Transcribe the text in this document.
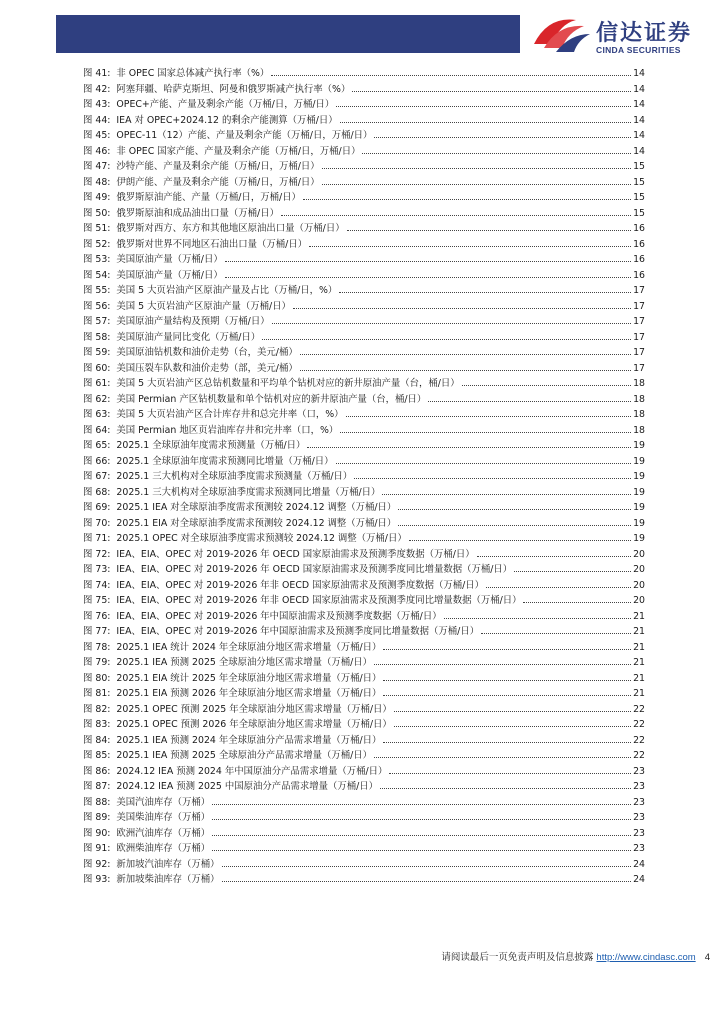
信达证券
CINDA SECURITIES
图 41:
非 OPEC 国家总体减产执行率（%）	14
图 42:
阿塞拜疆、哈萨克斯坦、阿曼和俄罗斯减产执行率（%）	14
图 43:
OPEC+产能、产量及剩余产能（万桶/日，万桶/日）	14
图 44:
IEA 对 OPEC+2024.12 的剩余产能测算（万桶/日）	14
图 45:
OPEC-11（12）产能、产量及剩余产能（万桶/日，万桶/日）	14
图 46:
非 OPEC 国家产能、产量及剩余产能（万桶/日，万桶/日）	14
图 47:
沙特产能、产量及剩余产能（万桶/日，万桶/日）	15
图 48:
伊朗产能、产量及剩余产能（万桶/日，万桶/日）	15
图 49:
俄罗斯原油产能、产量（万桶/日，万桶/日）	15
图 50:
俄罗斯原油和成品油出口量（万桶/日）	15
图 51:
俄罗斯对西方、东方和其他地区原油出口量（万桶/日）	16
图 52:
俄罗斯对世界不同地区石油出口量（万桶/日）	16
图 53:
美国原油产量（万桶/日）	16
图 54:
美国原油产量（万桶/日）	16
图 55:
美国 5 大页岩油产区原油产量及占比（万桶/日，%）	17
图 56:
美国 5 大页岩油产区原油产量（万桶/日）	17
图 57:
美国原油产量结构及预期（万桶/日）	17
图 58:
美国原油产量同比变化（万桶/日）	17
图 59:
美国原油钻机数和油价走势（台，美元/桶）	17
图 60:
美国压裂车队数和油价走势（部，美元/桶）	17
图 61:
美国 5 大页岩油产区总钻机数量和平均单个钻机对应的新井原油产量（台，桶/日）	18
图 62:
美国 Permian 产区钻机数量和单个钻机对应的新井原油产量（台，桶/日）	18
图 63:
美国 5 大页岩油产区合计库存井和总完井率（口，%）	18
图 64:
美国 Permian 地区页岩油库存井和完井率（口，%）	18
图 65:
2025.1 全球原油年度需求预测量（万桶/日）	19
图 66:
2025.1 全球原油年度需求预测同比增量（万桶/日）	19
图 67:
2025.1 三大机构对全球原油季度需求预测量（万桶/日）	19
图 68:
2025.1 三大机构对全球原油季度需求预测同比增量（万桶/日）	19
图 69:
2025.1 IEA 对全球原油季度需求预测较 2024.12 调整（万桶/日）	19
图 70:
2025.1 EIA 对全球原油季度需求预测较 2024.12 调整（万桶/日）	19
图 71:
2025.1 OPEC 对全球原油季度需求预测较 2024.12 调整（万桶/日）	19
图 72:
IEA、EIA、OPEC 对 2019-2026 年 OECD 国家原油需求及预测季度数据（万桶/日）	20
图 73:
IEA、EIA、OPEC 对 2019-2026 年 OECD 国家原油需求及预测季度同比增量数据（万桶/日）	20
图 74:
IEA、EIA、OPEC 对 2019-2026 年非 OECD 国家原油需求及预测季度数据（万桶/日）	20
图 75:
IEA、EIA、OPEC 对 2019-2026 年非 OECD 国家原油需求及预测季度同比增量数据（万桶/日）	20
图 76:
IEA、EIA、OPEC 对 2019-2026 年中国原油需求及预测季度数据（万桶/日）	21
图 77:
IEA、EIA、OPEC 对 2019-2026 年中国原油需求及预测季度同比增量数据（万桶/日）	21
图 78:
2025.1 IEA 统计 2024 年全球原油分地区需求增量（万桶/日）	21
图 79:
2025.1 IEA 预测 2025 全球原油分地区需求增量（万桶/日）	21
图 80:
2025.1 EIA 统计 2025 年全球原油分地区需求增量（万桶/日）	21
图 81:
2025.1 EIA 预测 2026 年全球原油分地区需求增量（万桶/日）	21
图 82:
2025.1 OPEC 预测 2025 年全球原油分地区需求增量（万桶/日）	22
图 83:
2025.1 OPEC 预测 2026 年全球原油分地区需求增量（万桶/日）	22
图 84:
2025.1 IEA 预测 2024 年全球原油分产品需求增量（万桶/日）	22
图 85:
2025.1 IEA 预测 2025 全球原油分产品需求增量（万桶/日）	22
图 86:
2024.12 IEA 预测 2024 年中国原油分产品需求增量（万桶/日）	23
图 87:
2024.12 IEA 预测 2025 中国原油分产品需求增量（万桶/日）	23
图 88:
美国汽油库存（万桶）	23
图 89:
美国柴油库存（万桶）	23
图 90:
欧洲汽油库存（万桶）	23
图 91:
欧洲柴油库存（万桶）	23
图 92:
新加坡汽油库存（万桶）	24
图 93:
新加坡柴油库存（万桶）	24
请阅读最后一页免责声明及信息披露 http://www.cindasc.com 4
